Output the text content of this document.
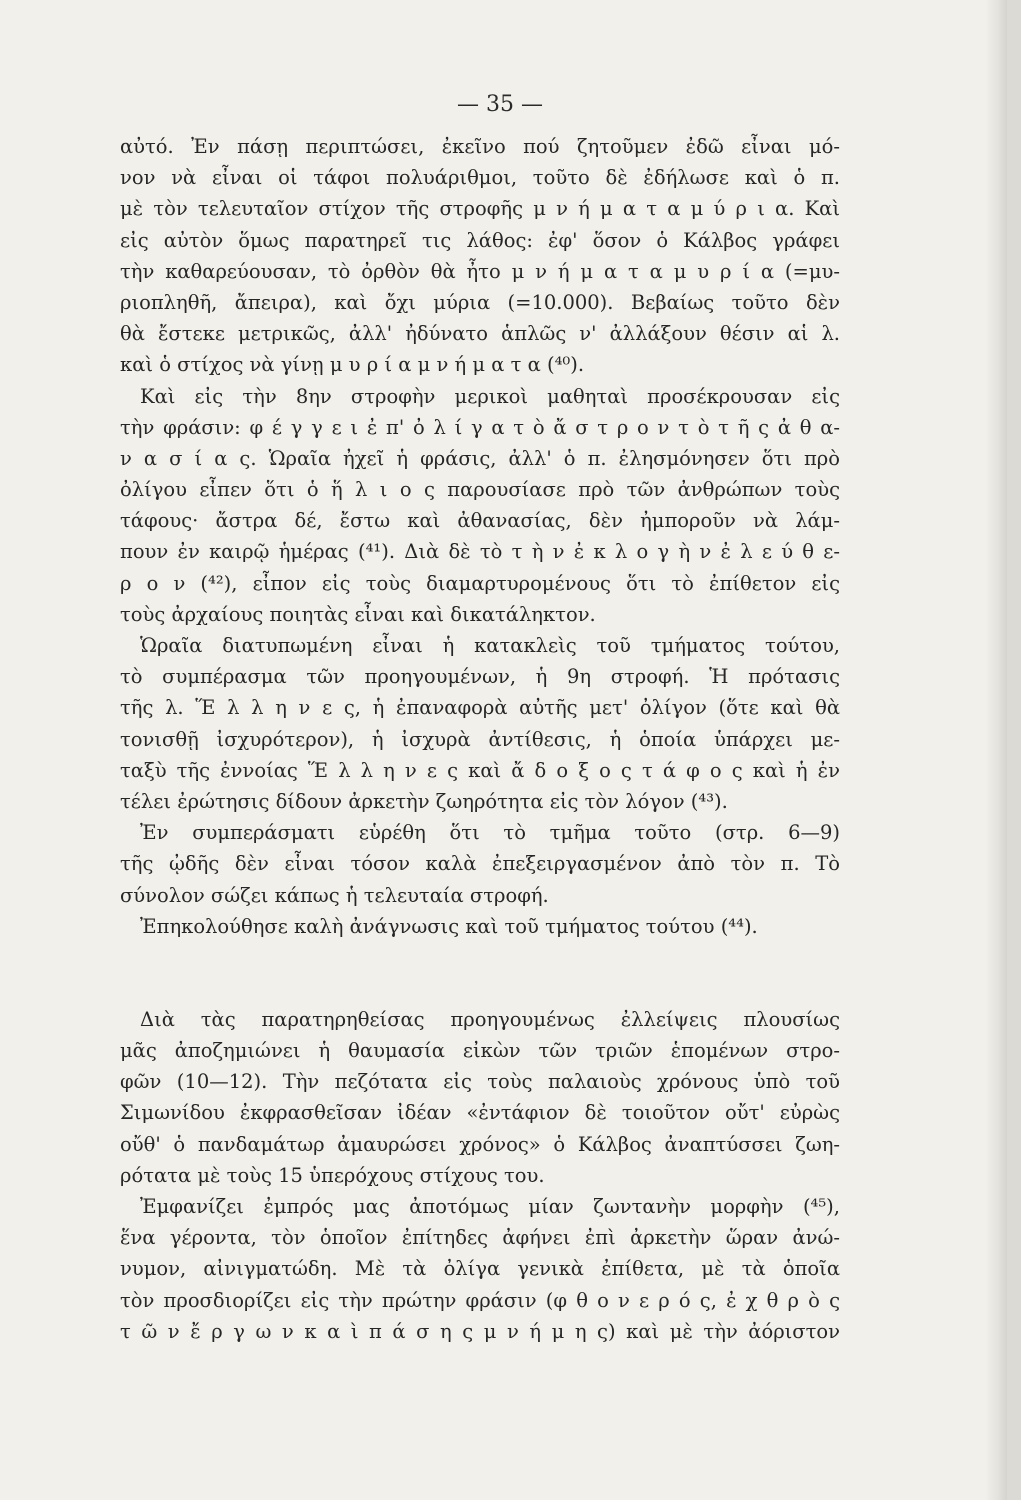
— 35 —
αὐτό. Ἐν πάσῃ περιπτώσει, ἐκεῖνο πού ζητοῦμεν ἐδῶ εἶναι μό-
νον νὰ εἶναι οἱ τάφοι πολυάριθμοι, τοῦτο δὲ ἐδήλωσε καὶ ὁ π.
μὲ τὸν τελευταῖον στίχον τῆς στροφῆς μ ν ή μ α τ α μ ύ ρ ι α. Καὶ
εἰς αὐτὸν ὅμως παρατηρεῖ τις λάθος: ἐφ' ὅσον ὁ Κάλβος γράφει
τὴν καθαρεύουσαν, τὸ ὀρθὸν θὰ ἦτο μ ν ή μ α τ α μ υ ρ ί α (=μυ-
ριοπληθῆ, ἄπειρα), καὶ ὄχι μύρια (=10.000). Βεβαίως τοῦτο δὲν
θὰ ἔστεκε μετρικῶς, ἀλλ' ἠδύνατο ἁπλῶς ν' ἀλλάξουν θέσιν αἱ λ.
καὶ ὁ στίχος νὰ γίνῃ μ υ ρ ί α μ ν ή μ α τ α (⁴⁰).
Καὶ εἰς τὴν 8ην στροφὴν μερικοὶ μαθηταὶ προσέκρουσαν εἰς
τὴν φράσιν: φ έ γ γ ε ι ἐ π' ὀ λ ί γ α τ ὸ ἄ σ τ ρ ο ν τ ὸ τ ῆ ς ἀ θ α-
ν α σ ί α ς. Ὡραῖα ἠχεῖ ἡ φράσις, ἀλλ' ὁ π. ἐλησμόνησεν ὅτι πρὸ
ὀλίγου εἶπεν ὅτι ὁ ἥ λ ι ο ς παρουσίασε πρὸ τῶν ἀνθρώπων τοὺς
τάφους· ἄστρα δέ, ἔστω καὶ ἀθανασίας, δὲν ἠμποροῦν νὰ λάμ-
πουν ἐν καιρῷ ἡμέρας (⁴¹). Διὰ δὲ τὸ τ ὴ ν ἐ κ λ ο γ ὴ ν ἐ λ ε ύ θ ε-
ρ ο ν (⁴²), εἶπον εἰς τοὺς διαμαρτυρομένους ὅτι τὸ ἐπίθετον εἰς
τοὺς ἀρχαίους ποιητὰς εἶναι καὶ δικατάληκτον.
Ὡραῖα διατυπωμένη εἶναι ἡ κατακλεὶς τοῦ τμήματος τούτου,
τὸ συμπέρασμα τῶν προηγουμένων, ἡ 9η στροφή. Ἡ πρότασις
τῆς λ. Ἕ λ λ η ν ε ς, ἡ ἐπαναφορὰ αὐτῆς μετ' ὀλίγον (ὅτε καὶ θὰ
τονισθῇ ἰσχυρότερον), ἡ ἰσχυρὰ ἀντίθεσις, ἡ ὁποία ὑπάρχει με-
ταξὺ τῆς ἐννοίας Ἕ λ λ η ν ε ς καὶ ἄ δ ο ξ ο ς τ ά φ ο ς καὶ ἡ ἐν
τέλει ἐρώτησις δίδουν ἀρκετὴν ζωηρότητα εἰς τὸν λόγον (⁴³).
Ἐν συμπεράσματι εὑρέθη ὅτι τὸ τμῆμα τοῦτο (στρ. 6—9)
τῆς ᾠδῆς δὲν εἶναι τόσον καλὰ ἐπεξειργασμένον ἀπὸ τὸν π. Τὸ
σύνολον σώζει κάπως ἡ τελευταία στροφή.
Ἐπηκολούθησε καλὴ ἀνάγνωσις καὶ τοῦ τμήματος τούτου (⁴⁴).
Διὰ τὰς παρατηρηθείσας προηγουμένως ἐλλείψεις πλουσίως
μᾶς ἀποζημιώνει ἡ θαυμασία εἰκὼν τῶν τριῶν ἑπομένων στρο-
φῶν (10—12). Τὴν πεζότατα εἰς τοὺς παλαιοὺς χρόνους ὑπὸ τοῦ
Σιμωνίδου ἐκφρασθεῖσαν ἰδέαν «ἐντάφιον δὲ τοιοῦτον οὔτ' εὐρὼς
οὔθ' ὁ πανδαμάτωρ ἀμαυρώσει χρόνος» ὁ Κάλβος ἀναπτύσσει ζωη-
ρότατα μὲ τοὺς 15 ὑπερόχους στίχους του.
Ἐμφανίζει ἐμπρός μας ἀποτόμως μίαν ζωντανὴν μορφὴν (⁴⁵),
ἕνα γέροντα, τὸν ὁποῖον ἐπίτηδες ἀφήνει ἐπὶ ἀρκετὴν ὥραν ἀνώ-
νυμον, αἰνιγματώδη. Μὲ τὰ ὀλίγα γενικὰ ἐπίθετα, μὲ τὰ ὁποῖα
τὸν προσδιορίζει εἰς τὴν πρώτην φράσιν (φ θ ο ν ε ρ ό ς, ἐ χ θ ρ ὸ ς
τ ῶ ν ἔ ρ γ ω ν κ α ὶ π ά σ η ς μ ν ή μ η ς) καὶ μὲ τὴν ἀόριστον
